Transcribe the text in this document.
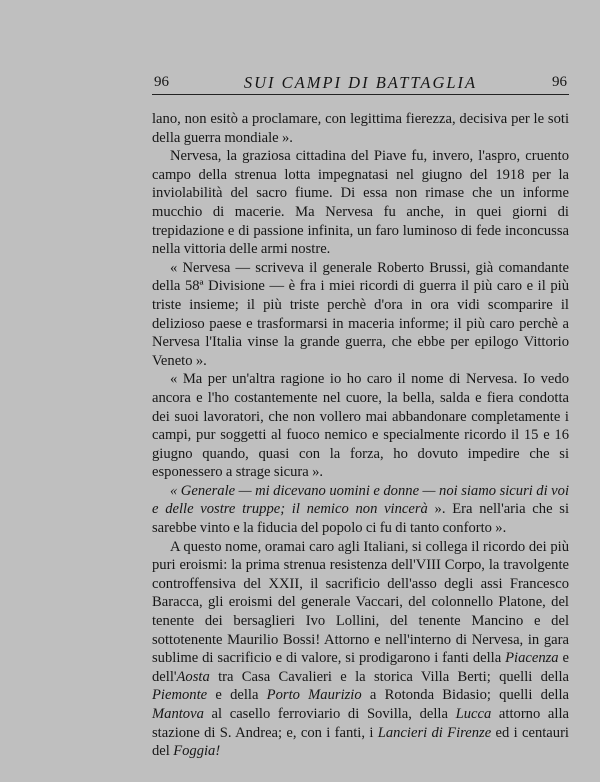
96	SUI CAMPI DI BATTAGLIA	96

lano, non esitò a proclamare, con legittima fierezza, decisiva per le soti della guerra mondiale ».

Nervesa, la graziosa cittadina del Piave fu, invero, l'aspro, cruento campo della strenua lotta impegnatasi nel giugno del 1918 per la inviolabilità del sacro fiume. Di essa non rimase che un informe mucchio di macerie. Ma Nervesa fu anche, in quei giorni di trepidazione e di passione infinita, un faro luminoso di fede inconcussa nella vittoria delle armi nostre.

« Nervesa — scriveva il generale Roberto Brussi, già comandante della 58ª Divisione — è fra i miei ricordi di guerra il più caro e il più triste insieme; il più triste perchè d'ora in ora vidi scomparire il delizioso paese e trasformarsi in maceria informe; il più caro perchè a Nervesa l'Italia vinse la grande guerra, che ebbe per epilogo Vittorio Veneto ».

« Ma per un'altra ragione io ho caro il nome di Nervesa. Io vedo ancora e l'ho costantemente nel cuore, la bella, salda e fiera condotta dei suoi lavoratori, che non vollero mai abbandonare completamente i campi, pur soggetti al fuoco nemico e specialmente ricordo il 15 e 16 giugno quando, quasi con la forza, ho dovuto impedire che si esponessero a strage sicura ».

« Generale — mi dicevano uomini e donne — noi siamo sicuri di voi e delle vostre truppe; il nemico non vincerà ». Era nell'aria che si sarebbe vinto e la fiducia del popolo ci fu di tanto conforto ».

A questo nome, oramai caro agli Italiani, si collega il ricordo dei più puri eroismi: la prima strenua resistenza dell'VIII Corpo, la travolgente controffensiva del XXII, il sacrificio dell'asso degli assi Francesco Baracca, gli eroismi del generale Vaccari, del colonnello Platone, del tenente dei bersaglieri Ivo Lollini, del tenente Mancino e del sottotenente Maurilio Bossi! Attorno e nell'interno di Nervesa, in gara sublime di sacrificio e di valore, si prodigarono i fanti della Piacenza e dell'Aosta tra Casa Cavalieri e la storica Villa Berti; quelli della Piemonte e della Porto Maurizio a Rotonda Bidasio; quelli della Mantova al casello ferroviario di Sovilla, della Lucca attorno alla stazione di S. Andrea; e, con i fanti, i Lancieri di Firenze ed i centauri del Foggia!
